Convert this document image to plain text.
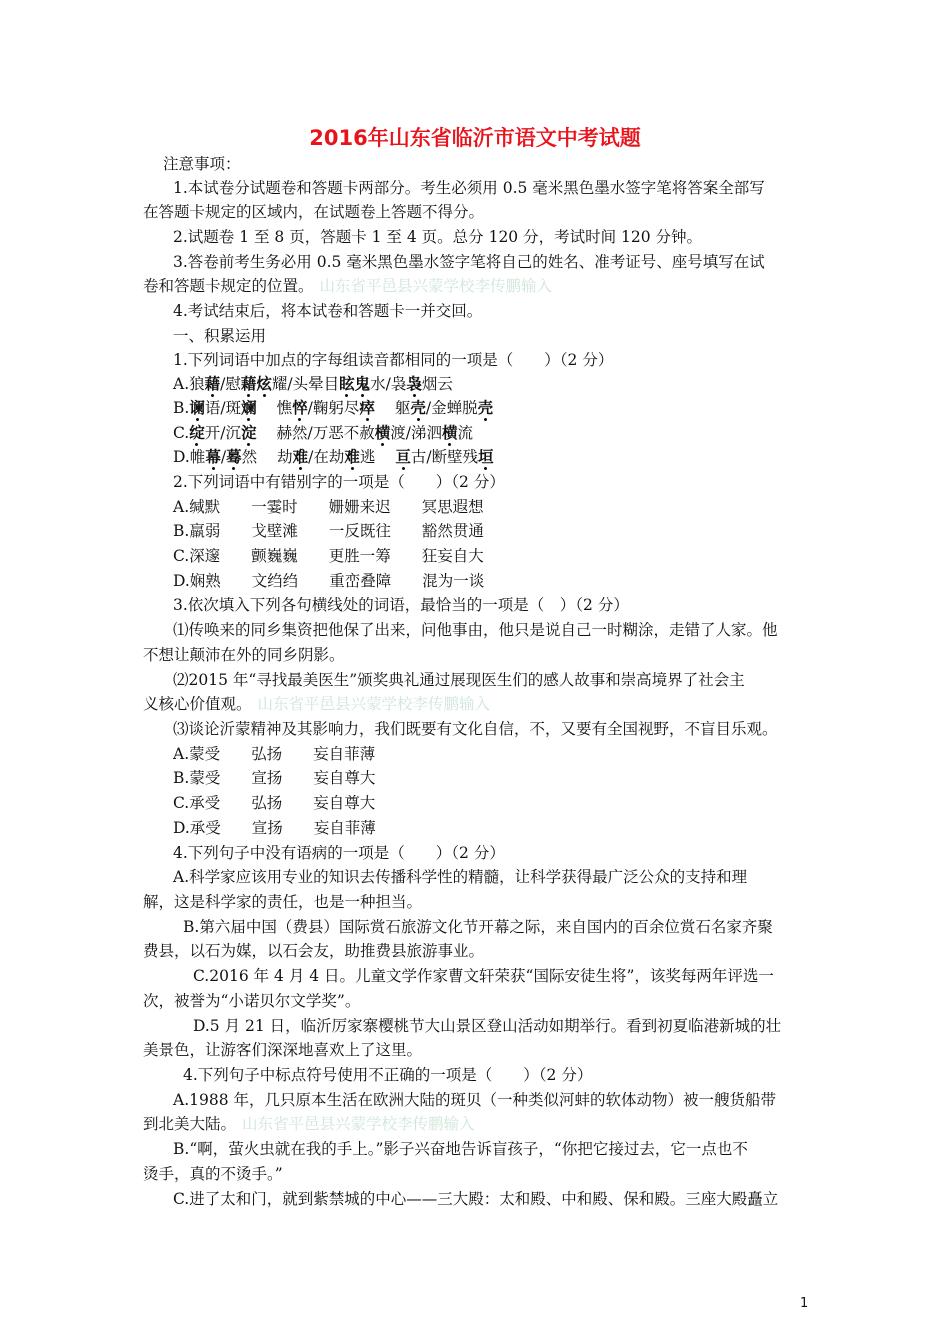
2016年山东省临沂市语文中考试题
注意事项：
1.本试卷分试题卷和答题卡两部分。考生必须用 0.5 毫米黑色墨水签字笔将答案全部写
在答题卡规定的区域内，在试题卷上答题不得分。
2.试题卷 1 至 8 页，答题卡 1 至 4 页。总分 120 分，考试时间 120 分钟。
3.答卷前考生务必用 0.5 毫米黑色墨水签字笔将自己的姓名、准考证号、座号填写在试
卷和答题卡规定的位置。 山东省平邑县兴蒙学校李传鹏输入
4.考试结束后，将本试卷和答题卡一并交回。
一、积累运用
1.下列词语中加点的字每组读音都相同的一项是（　　）（2 分）
A.狼藉/慰藉炫耀/头晕目眩鬼水/袅袅烟云
B.谰语/斑斓 憔悴/鞠躬尽瘁 躯壳/金蝉脱壳
C.绽开/沉淀 赫然/万恶不赦横渡/涕泗横流
D.帷幕/蓦然 劫难/在劫难逃 亘古/断壁残垣
2.下列词语中有错别字的一项是（　　）（2 分）
A.缄默　　一霎时　　姗姗来迟　　冥思遐想
B.羸弱　　戈壁滩　　一反既往　　豁然贯通
C.深邃　　颤巍巍　　更胜一筹　　狂妄自大
D.娴熟　　文绉绉　　重峦叠障　　混为一谈
3.依次填入下列各句横线处的词语，最恰当的一项是（　）（2 分）
⑴传唤来的同乡集资把他保了出来，问他事由，他只是说自己一时糊涂，走错了人家。他
不想让颠沛在外的同乡阴影。
⑵2015 年“寻找最美医生”颁奖典礼通过展现医生们的感人故事和崇高境界了社会主
义核心价值观。 山东省平邑县兴蒙学校李传鹏输入
⑶谈论沂蒙精神及其影响力，我们既要有文化自信，不，又要有全国视野，不盲目乐观。
A.蒙受　　弘扬　　妄自菲薄
B.蒙受　　宣扬　　妄自尊大
C.承受　　弘扬　　妄自尊大
D.承受　　宣扬　　妄自菲薄
4.下列句子中没有语病的一项是（　　）（2 分）
A.科学家应该用专业的知识去传播科学性的精髓，让科学获得最广泛公众的支持和理
解，这是科学家的责任，也是一种担当。
B.第六届中国（费县）国际赏石旅游文化节开幕之际，来自国内的百余位赏石名家齐聚
费县，以石为媒，以石会友，助推费县旅游事业。
C.2016 年 4 月 4 日。儿童文学作家曹文轩荣获“国际安徒生将”，该奖每两年评选一
次，被誉为“小诺贝尔文学奖”。
D.5 月 21 日，临沂厉家寨樱桃节大山景区登山活动如期举行。看到初夏临港新城的壮
美景色，让游客们深深地喜欢上了这里。
4.下列句子中标点符号使用不正确的一项是（　　）（2 分）
A.1988 年，几只原本生活在欧洲大陆的斑贝（一种类似河蚌的软体动物）被一艘货船带
到北美大陆。 山东省平邑县兴蒙学校李传鹏输入
B.“啊，萤火虫就在我的手上。”影子兴奋地告诉盲孩子，“你把它接过去，它一点也不
烫手，真的不烫手。”
C.进了太和门，就到紫禁城的中心——三大殿：太和殿、中和殿、保和殿。三座大殿矗立
1
